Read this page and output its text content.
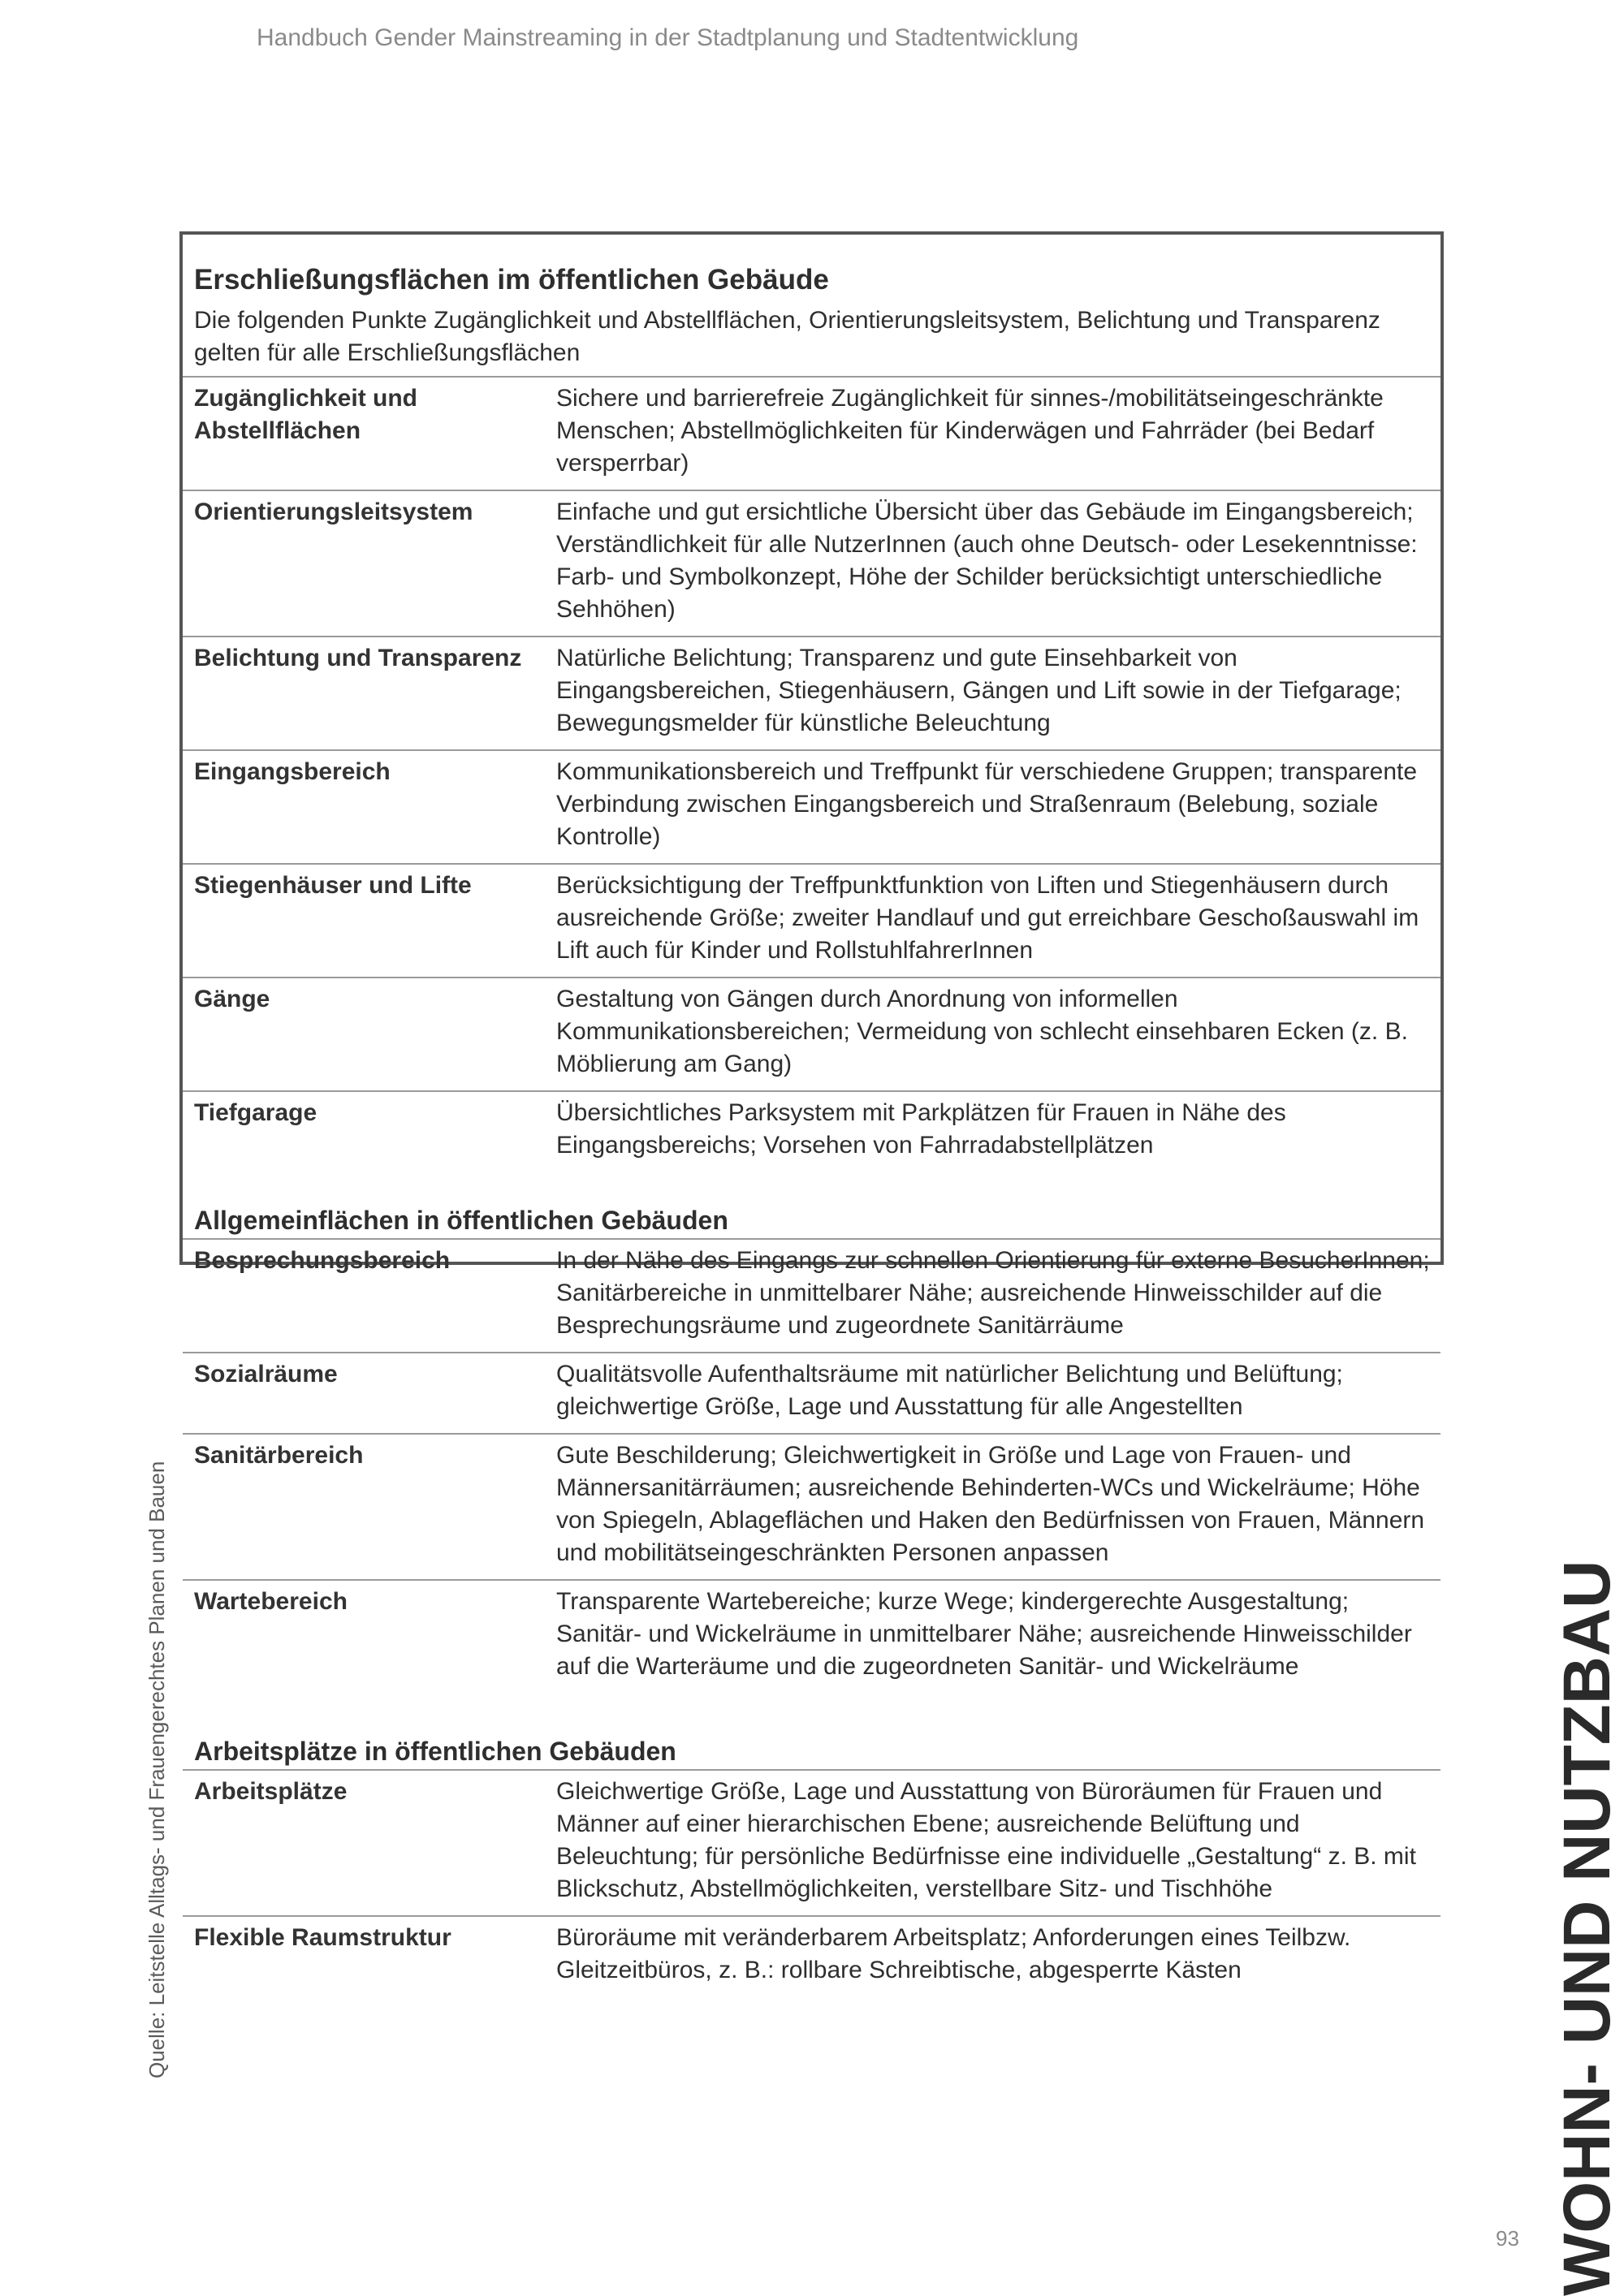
Handbuch Gender Mainstreaming in der Stadtplanung und Stadtentwicklung
Erschließungsflächen im öffentlichen Gebäude
Die folgenden Punkte Zugänglichkeit und Abstellflächen, Orientierungsleitsystem, Belichtung und Transparenz gelten für alle Erschließungsflächen
Zugänglichkeit und Abstellflächen	Sichere und barrierefreie Zugänglichkeit für sinnes-/mobilitätseingeschränkte Menschen; Abstellmöglichkeiten für Kinderwägen und Fahrräder (bei Bedarf versperrbar)
Orientierungsleitsystem	Einfache und gut ersichtliche Übersicht über das Gebäude im Eingangsbereich; Verständlichkeit für alle NutzerInnen (auch ohne Deutsch- oder Lesekenntnisse: Farb- und Symbolkonzept, Höhe der Schilder berücksichtigt unterschiedliche Sehhöhen)
Belichtung und Transparenz	Natürliche Belichtung; Transparenz und gute Einsehbarkeit von Eingangsbereichen, Stiegenhäusern, Gängen und Lift sowie in der Tiefgarage; Bewegungsmelder für künstliche Beleuchtung
Eingangsbereich	Kommunikationsbereich und Treffpunkt für verschiedene Gruppen; transparente Verbindung zwischen Eingangsbereich und Straßenraum (Belebung, soziale Kontrolle)
Stiegenhäuser und Lifte	Berücksichtigung der Treffpunktfunktion von Liften und Stiegenhäusern durch ausreichende Größe; zweiter Handlauf und gut erreichbare Geschoßauswahl im Lift auch für Kinder und RollstuhlfahrerInnen
Gänge	Gestaltung von Gängen durch Anordnung von informellen Kommunikationsbereichen; Vermeidung von schlecht einsehbaren Ecken (z. B. Möblierung am Gang)
Tiefgarage	Übersichtliches Parksystem mit Parkplätzen für Frauen in Nähe des Eingangsbereichs; Vorsehen von Fahrradabstellplätzen
Allgemeinflächen in öffentlichen Gebäuden
Besprechungsbereich	In der Nähe des Eingangs zur schnellen Orientierung für externe BesucherInnen; Sanitärbereiche in unmittelbarer Nähe; ausreichende Hinweisschilder auf die Besprechungsräume und zugeordnete Sanitärräume
Sozialräume	Qualitätsvolle Aufenthaltsräume mit natürlicher Belichtung und Belüftung; gleichwertige Größe, Lage und Ausstattung für alle Angestellten
Sanitärbereich	Gute Beschilderung; Gleichwertigkeit in Größe und Lage von Frauen- und Männersanitärräumen; ausreichende Behinderten-WCs und Wickelräume; Höhe von Spiegeln, Ablageflächen und Haken den Bedürfnissen von Frauen, Männern und mobilitätseingeschränkten Personen anpassen
Wartebereich	Transparente Wartebereiche; kurze Wege; kindergerechte Ausgestaltung; Sanitär- und Wickelräume in unmittelbarer Nähe; ausreichende Hinweisschilder auf die Warteräume und die zugeordneten Sanitär- und Wickelräume
Arbeitsplätze in öffentlichen Gebäuden
Arbeitsplätze	Gleichwertige Größe, Lage und Ausstattung von Büroräumen für Frauen und Männer auf einer hierarchischen Ebene; ausreichende Belüftung und Beleuchtung; für persönliche Bedürfnisse eine individuelle „Gestaltung“ z. B. mit Blickschutz, Abstellmöglichkeiten, verstellbare Sitz- und Tischhöhe
Flexible Raumstruktur	Büroräume mit veränderbarem Arbeitsplatz; Anforderungen eines Teilbzw. Gleitzeitbüros, z. B.: rollbare Schreibtische, abgesperrte Kästen
Quelle: Leitstelle Alltags- und Frauengerechtes Planen und Bauen	WOHN- UND NUTZBAU
93
